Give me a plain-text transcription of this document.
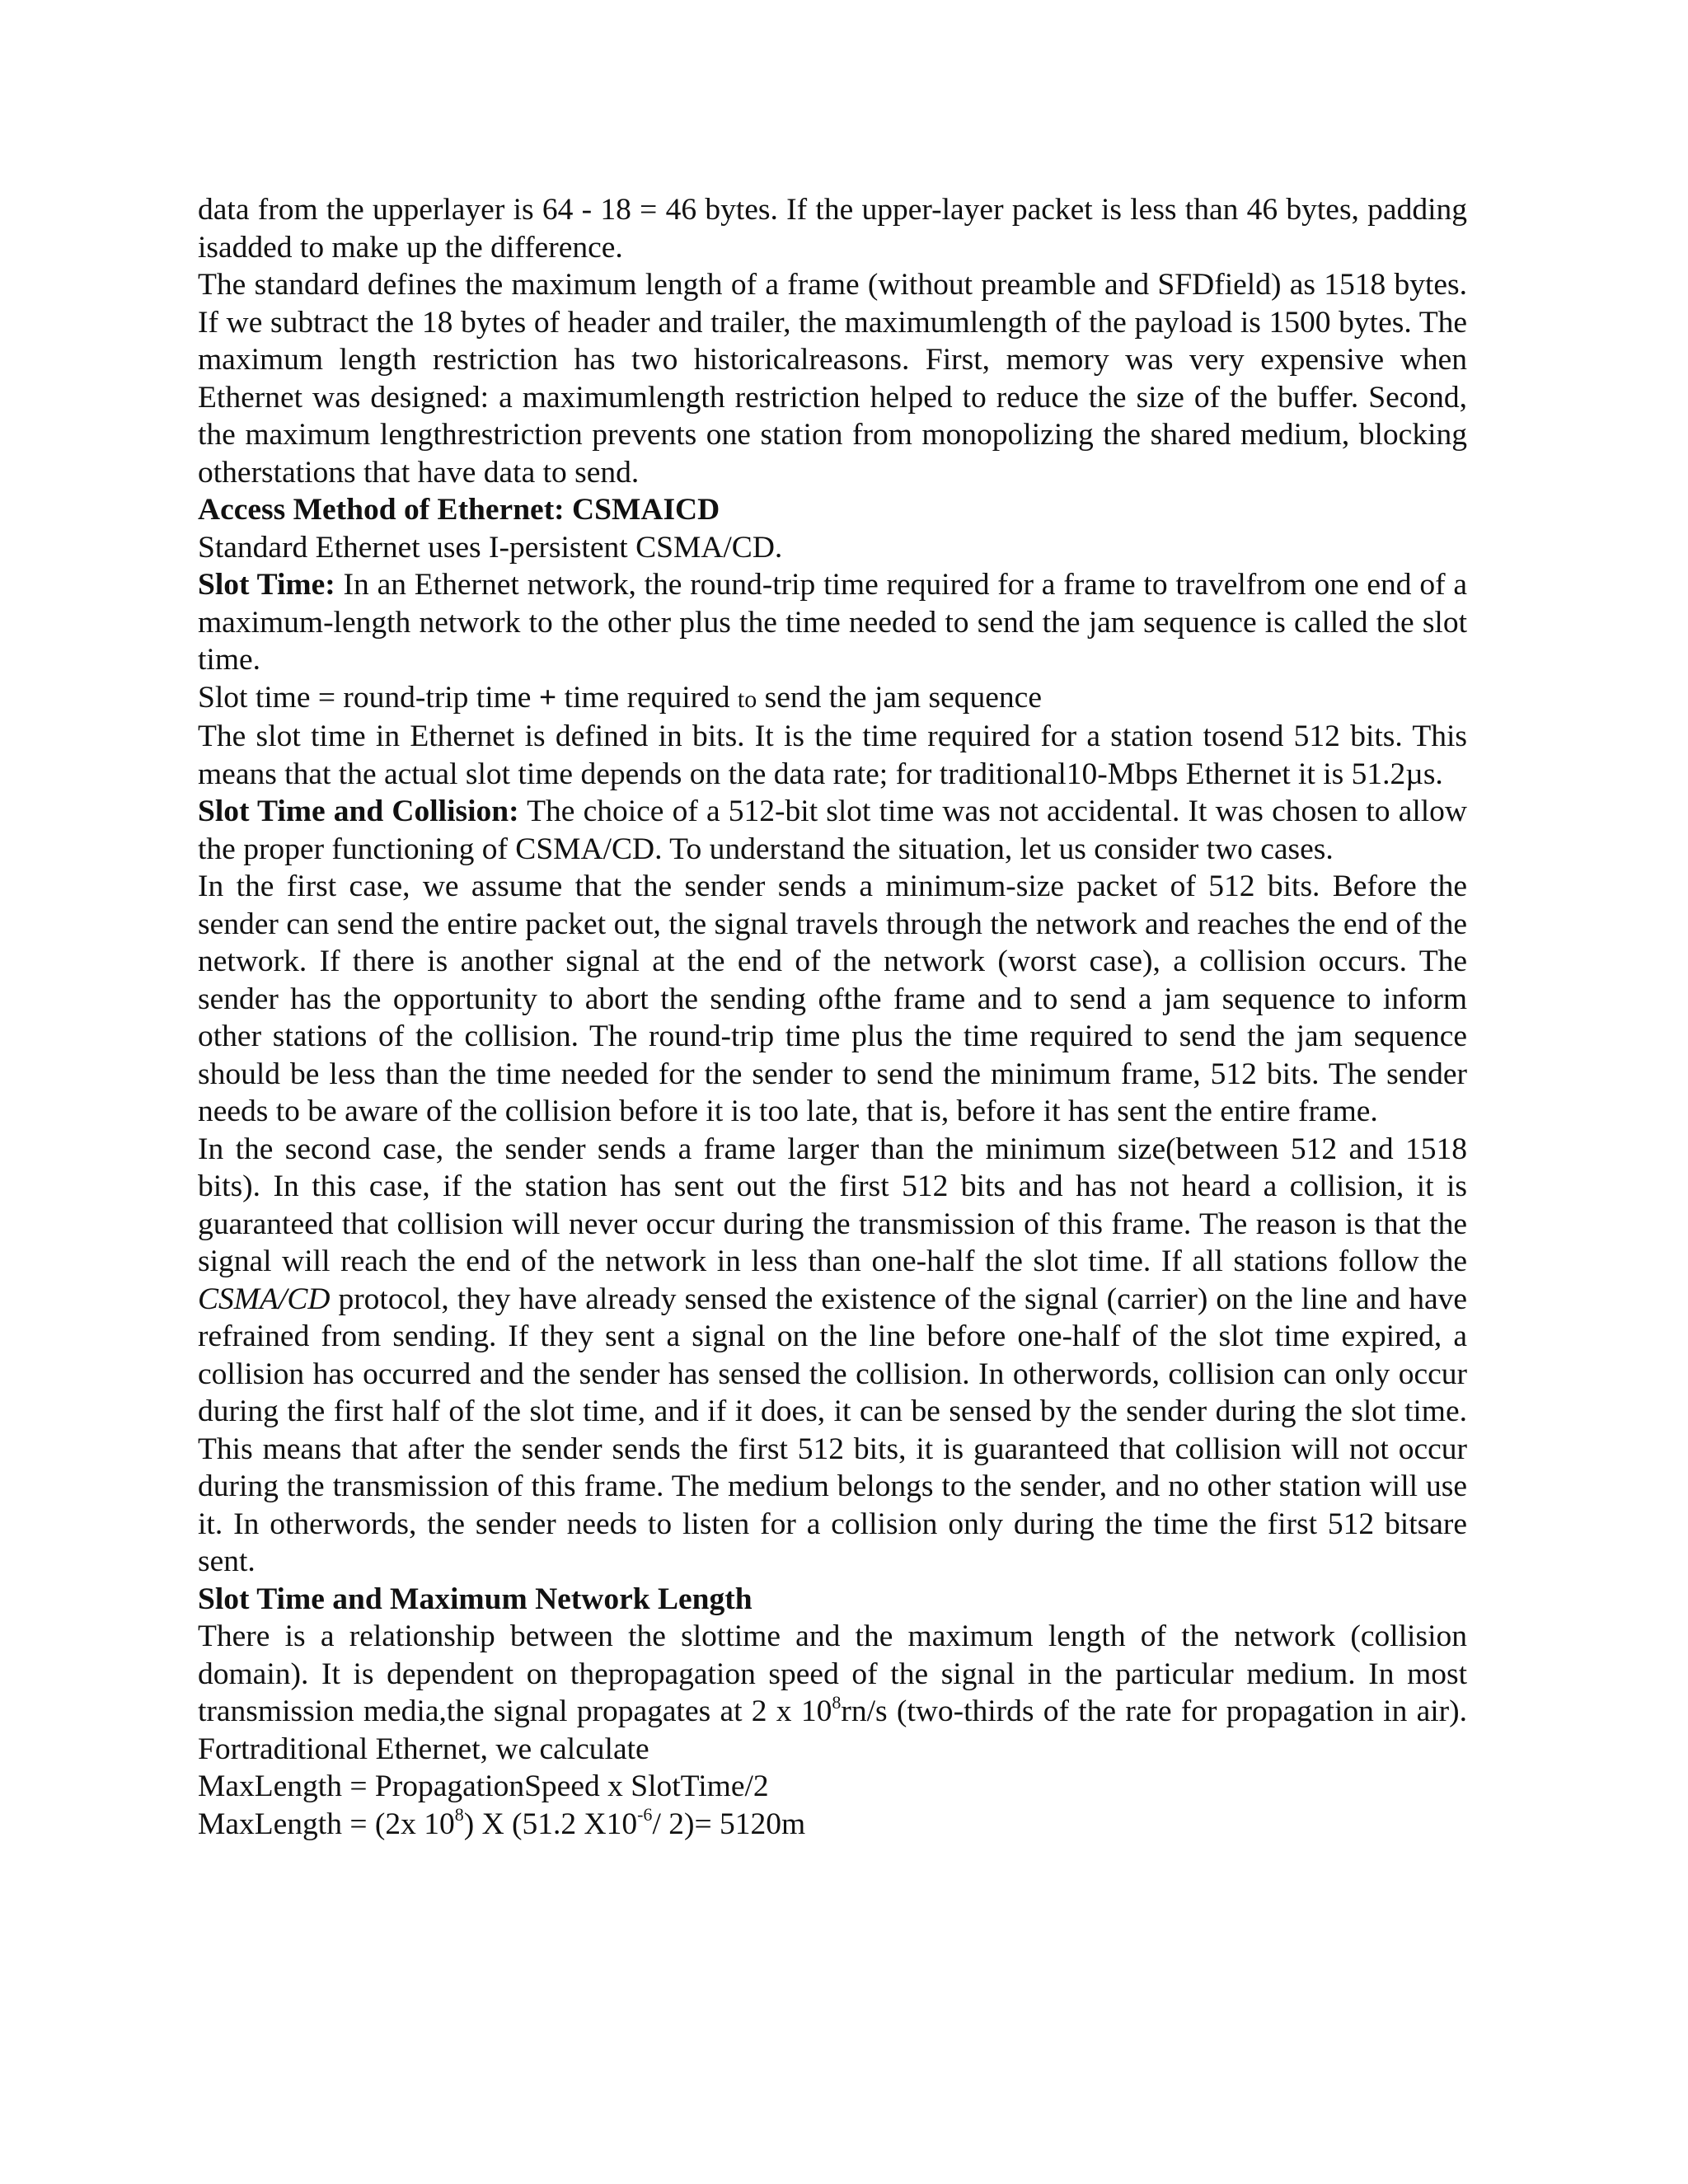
data from the upperlayer is 64 - 18 = 46 bytes. If the upper-layer packet is less than 46 bytes, padding isadded to make up the difference.

The standard defines the maximum length of a frame (without preamble and SFDfield) as 1518 bytes. If we subtract the 18 bytes of header and trailer, the maximumlength of the payload is 1500 bytes. The maximum length restriction has two historicalreasons. First, memory was very expensive when Ethernet was designed: a maximumlength restriction helped to reduce the size of the buffer. Second, the maximum lengthrestriction prevents one station from monopolizing the shared medium, blocking otherstations that have data to send.

Access Method of Ethernet: CSMAICD

Standard Ethernet uses I-persistent CSMA/CD.

Slot Time: In an Ethernet network, the round-trip time required for a frame to travelfrom one end of a maximum-length network to the other plus the time needed to send the jam sequence is called the slot time.

Slot time = round-trip time + time required to send the jam sequence

The slot time in Ethernet is defined in bits. It is the time required for a station tosend 512 bits. This means that the actual slot time depends on the data rate; for traditional10-Mbps Ethernet it is 51.2µs.

Slot Time and Collision: The choice of a 512-bit slot time was not accidental. It was chosen to allow the proper functioning of CSMA/CD. To understand the situation, let us consider two cases.

In the first case, we assume that the sender sends a minimum-size packet of 512 bits. Before the sender can send the entire packet out, the signal travels through the network and reaches the end of the network. If there is another signal at the end of the network (worst case), a collision occurs. The sender has the opportunity to abort the sending ofthe frame and to send a jam sequence to inform other stations of the collision. The round-trip time plus the time required to send the jam sequence should be less than the time needed for the sender to send the minimum frame, 512 bits. The sender needs to be aware of the collision before it is too late, that is, before it has sent the entire frame.

In the second case, the sender sends a frame larger than the minimum size(between 512 and 1518 bits). In this case, if the station has sent out the first 512 bits and has not heard a collision, it is guaranteed that collision will never occur during the transmission of this frame. The reason is that the signal will reach the end of the network in less than one-half the slot time. If all stations follow the CSMA/CD protocol, they have already sensed the existence of the signal (carrier) on the line and have refrained from sending. If they sent a signal on the line before one-half of the slot time expired, a collision has occurred and the sender has sensed the collision. In otherwords, collision can only occur during the first half of the slot time, and if it does, it can be sensed by the sender during the slot time. This means that after the sender sends the first 512 bits, it is guaranteed that collision will not occur during the transmission of this frame. The medium belongs to the sender, and no other station will use it. In otherwords, the sender needs to listen for a collision only during the time the first 512 bitsare sent.

Slot Time and Maximum Network Length

There is a relationship between the slottime and the maximum length of the network (collision domain). It is dependent on thepropagation speed of the signal in the particular medium. In most transmission media,the signal propagates at 2 x $10^8rn/s$ (two-thirds of the rate for propagation in air). Fortraditional Ethernet, we calculate

MaxLength = PropagationSpeed x SlotTime/2

MaxLength = (2x $10^8$) X (51.2 $X10^{-6}/$ 2)= 5120m
